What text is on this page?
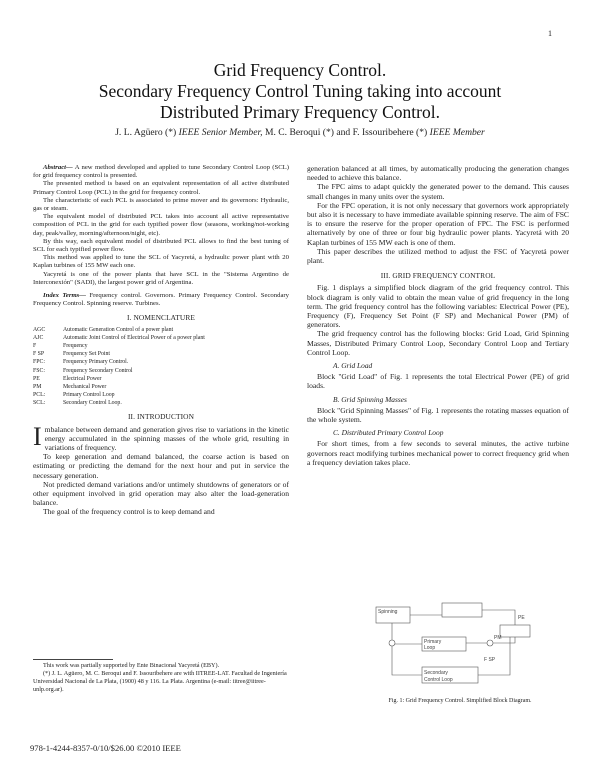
1
Grid Frequency Control.
Secondary Frequency Control Tuning taking into account
Distributed Primary Frequency Control.
J. L. Agüero (*) IEEE Senior Member, M. C. Beroqui (*) and F. Issouribehere (*) IEEE Member

Abstract— A new method developed and applied to tune Secondary Control Loop (SCL) for grid frequency control is presented.

The presented method is based on an equivalent representation of all active distributed Primary Control Loop (PCL) in the grid for frequency control.

The characteristic of each PCL is associated to prime mover and its governors: Hydraulic, gas or steam.

The equivalent model of distributed PCL takes into account all active representative composition of PCL in the grid for each typified power flow (seasons, working/not-working day, peak/valley, morning/afternoon/night, etc).

By this way, each equivalent model of distributed PCL allows to find the best tuning of SCL for each typified power flow.

This method was applied to tune the SCL of Yacyretá, a hydraulic power plant with 20 Kaplan turbines of 155 MW each one.

Yacyretá is one of the power plants that have SCL in the "Sistema Argentino de Interconexión" (SADI), the largest power grid of Argentina.

Index Terms— Frequency control. Governors. Primary Frequency Control. Secondary Frequency Control. Spinning reserve. Turbines.

I. NOMENCLATURE
AGC	Automatic Generation Control of a power plant
AJC	Automatic Joint Control of Electrical Power of a power plant
F	Frequency
F SP	Frequency Set Point
FPC:	Frequency Primary Control.
FSC:	Frequency Secondary Control
PE	Electrical Power
PM	Mechanical Power
PCL:	Primary Control Loop
SCL:	Secondary Control Loop.
II. INTRODUCTION

Imbalance between demand and generation gives rise to variations in the kinetic energy accumulated in the spinning masses of the whole grid, resulting in variations of frequency.

To keep generation and demand balanced, the coarse action is based on estimating or predicting the demand for the next hour and put in service the necessary generation.

Not predicted demand variations and/or untimely shutdowns of generators or of other equipment involved in grid operation may also alter the load-generation balance.

The goal of the frequency control is to keep demand and

generation balanced at all times, by automatically producing the generation changes needed to achieve this balance.

The FPC aims to adapt quickly the generated power to the demand. This causes small changes in many units over the system.

For the FPC operation, it is not only necessary that governors work appropriately but also it is necessary to have immediate available spinning reserve. The aim of FSC is to ensure the reserve for the proper operation of FPC. The FSC is performed alternatively by one of three or four big hydraulic power plants. Yacyretá with 20 Kaplan turbines of 155 MW each is one of them.

This paper describes the utilized method to adjust the FSC of Yacyretá power plant.

III. GRID FREQUENCY CONTROL

Fig. 1 displays a simplified block diagram of the grid frequency control. This block diagram is only valid to obtain the mean value of grid frequency in the long term. The grid frequency control has the following variables: Electrical Power (PE), Frequency (F), Frequency Set Point (F SP) and Mechanical Power (PM) of generators.

The grid frequency control has the following blocks: Grid Load, Grid Spinning Masses, Distributed Primary Control Loop, Secondary Control Loop and Tertiary Control Loop.

A. Grid Load

Block "Grid Load" of Fig. 1 represents the total Electrical Power (PE) of grid loads.

B. Grid Spinning Masses

Block "Grid Spinning Masses" of Fig. 1 represents the rotating masses equation of the whole system.

C. Distributed Primary Control Loop

For short times, from a few seconds to several minutes, the active turbine governors react modifying turbines mechanical power to correct frequency grid when a frequency deviation takes place.

Spinning
Primary
Loop
PM
F SP
PE
Secondary
Control Loop
Fig. 1: Grid Frequency Control. Simplified Block Diagram.

This work was partially supported by Ente Binacional Yacyretá (EBY).

(*) J. L. Agüero, M. C. Beroqui and F. Issouribehere are with IITREE-LAT. Facultad de Ingeniería Universidad Nacional de La Plata, (1900) 48 y 116. La Plata. Argentina (e-mail: iitree@iitree-unlp.org.ar).

978-1-4244-8357-0/10/$26.00 ©2010 IEEE
